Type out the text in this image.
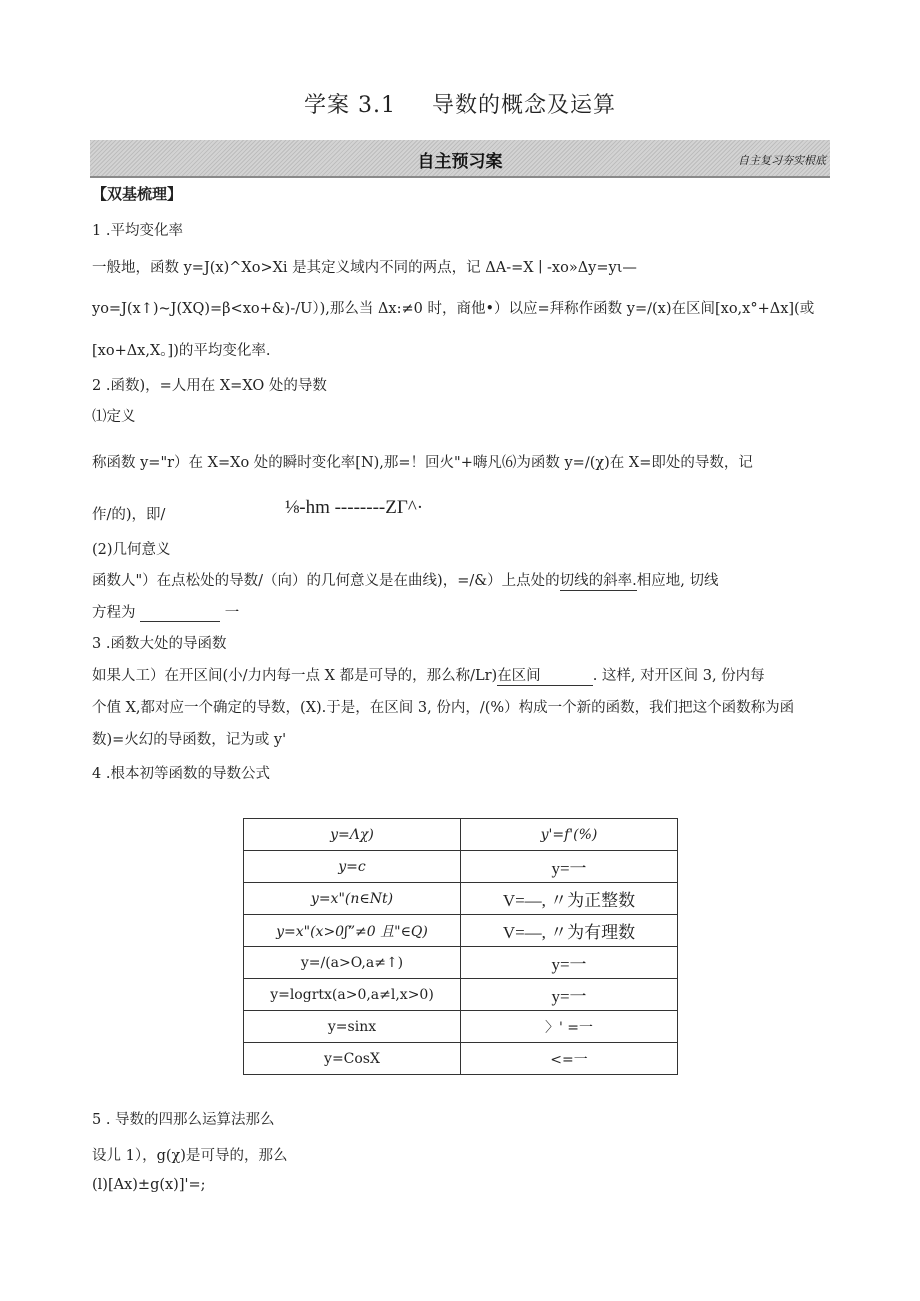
学案 3.1 导数的概念及运算
自主预习案	自主复习夯实根底
【双基梳理】
1 .平均变化率
一般地，函数 y=J(x)^Xo>Xi 是其定义域内不同的两点，记 ΔA-=X ∣ -xo»Δy=yι—
yo=J(x↑)~J(XQ)=β<xo+&)-/U）),那么当 Δx:≠0 时，商他•）以应=拜称作函数 y=∕(x)在区间[xo,x°+Δx](或
[xo+Δx,X。])的平均变化率.
2 .函数)，=人用在 X=XO 处的导数
⑴定义
称函数 y="r）在 X=Xo 处的瞬时变化率[N),那=！回火"+嗨凡⑹为函数 y=∕(χ)在 X=即处的导数，记
作/的)，即/	⅛-hm --------ZΓ^·
(2)几何意义
函数人"）在点松处的导数/（向）的几何意义是在曲线)，=/&）上点处的切线的斜率.相应地, 切线
方程为	一
3 .函数大处的导函数
如果人工）在开区间(小/力内每一点 X 都是可导的，那么称/Lr)在区间	. 这样, 对开区间 3, 份内每
个值 X,都对应一个确定的导数，(X).于是，在区间 3, 份内，/(%）构成一个新的函数，我们把这个函数称为函
数)=火幻的导函数，记为或 y'
4 .根本初等函数的导数公式
y=Λχ)	y'=f'(%)
y=c	y=一
y=x"(n∈Nt)	V=—, 〃为正整数
y=x"(x>0ʃ”≠0 且"∈Q)	V=—, 〃为有理数
y=∕(a>O,a≠↑)	y=一
y=logrtx(a>0,a≠l,x>0)	y=一
y=sinx	〉' =一
y=CosX	<=一
5 . 导数的四那么运算法那么
设儿 1），g(χ)是可导的，那么
(l)[Ax)±g(x)]'=;
